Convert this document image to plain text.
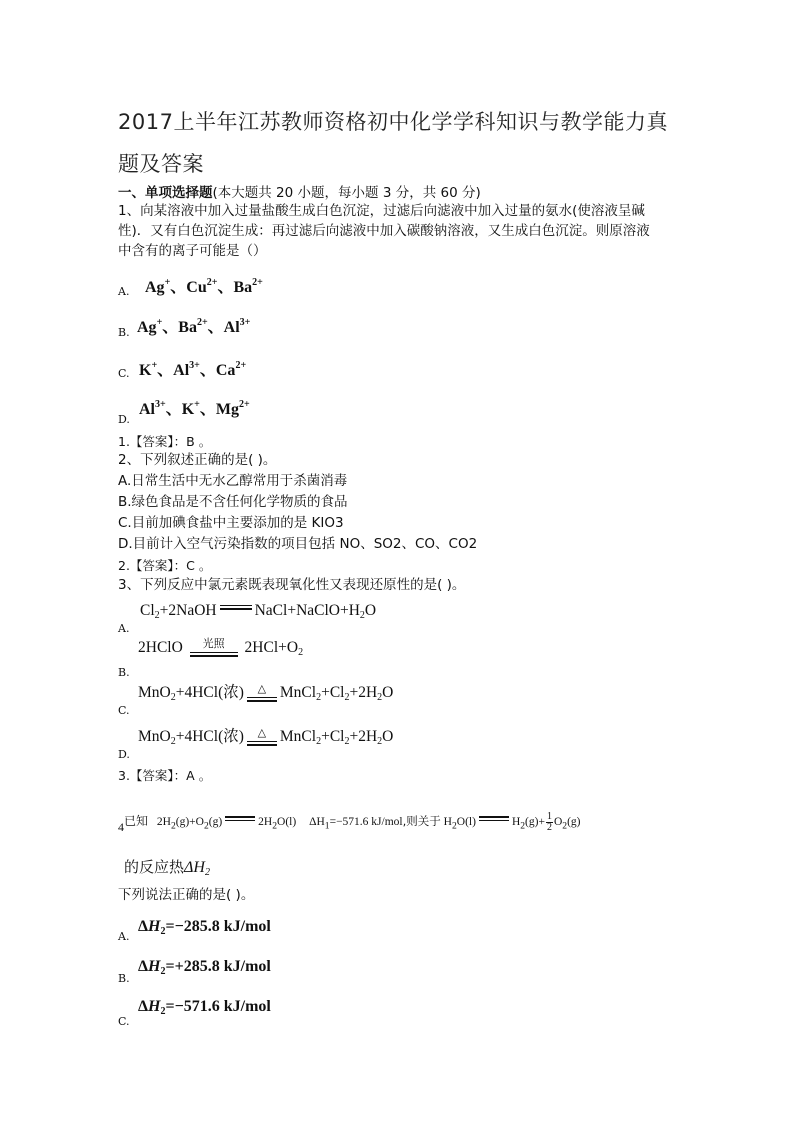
2017上半年江苏教师资格初中化学学科知识与教学能力真
题及答案
一、单项选择题(本大题共 20 小题，每小题 3 分，共 60 分)
1、向某溶液中加入过量盐酸生成白色沉淀，过滤后向滤液中加入过量的氨水(使溶液呈碱
性)．又有白色沉淀生成：再过滤后向滤液中加入碳酸钠溶液，又生成白色沉淀。则原溶液
中含有的离子可能是（）
A. Ag+、$Cu^{2+}$、$Ba^{2+}$
B. Ag+、$Ba^{2+}$、$Al^{3+}$
C. K+、$Al^{3+}$、$Ca^{2+}$
D.
$Al^{3+}$、K+、$Mg^{2+}$
1.【答案】：B 。
2、下列叙述正确的是( )。
A.日常生活中无水乙醇常用于杀菌消毒
B.绿色食品是不含任何化学物质的食品
C.目前加碘食盐中主要添加的是 KIO3
D.目前计入空气污染指数的项目包括 NO、SO2、CO、CO2
2.【答案】：C 。
3、下列反应中氯元素既表现氧化性又表现还原性的是( )。
A.
$Cl_2+2NaOH$ $NaCl+NaClO+H_2O$
B.
2HClO	光照	$2HCl+O_2$
C.
MnO$_2$+4HCl(浓)	△ $MnCl_2+Cl_2+2H_2O$
D.
MnO$_2$+4HCl(浓)	△ $MnCl_2+Cl_2+2H_2O$
3.【答案】：A 。
4已知 $2H_2(g)+O_2(g)$	$2H_2O(l)$ $\Delta H_1=-571.6$ kJ/mol,则关于 $H_2O(l)$	$H_2(g)+ \frac{1}{2} O_2(g)$
的反应热$\Delta H_2$
下列说法正确的是( )。
A.
$\Delta H_2=-285.8$ kJ/mol
B.
$\Delta H_2=+285.8$ kJ/mol
C.
$\Delta H_2=-571.6$ kJ/mol
